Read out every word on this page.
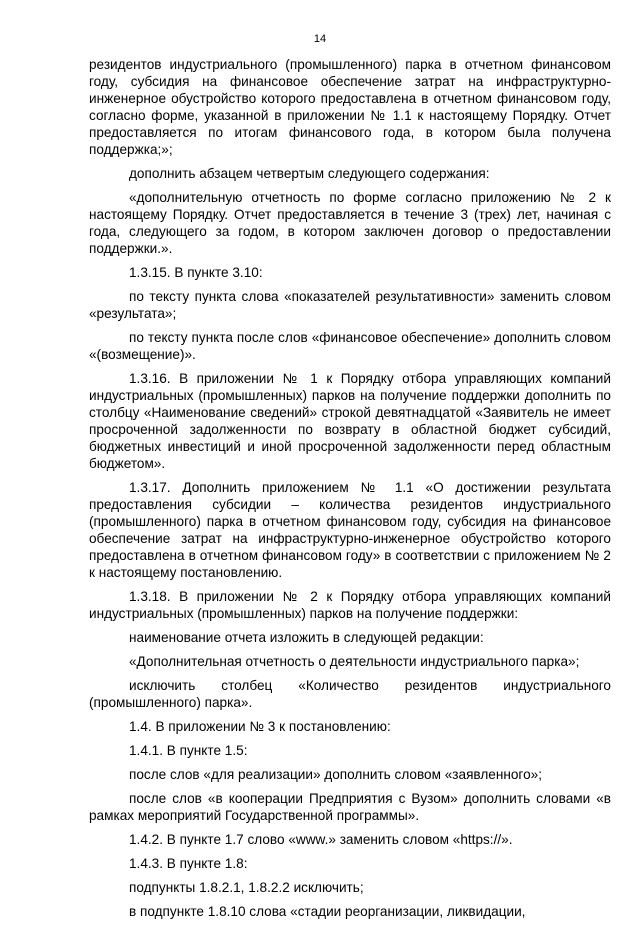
14

резидентов индустриального (промышленного) парка в отчетном финансовом году, субсидия на финансовое обеспечение затрат на инфраструктурно-инженерное обустройство которого предоставлена в отчетном финансовом году, согласно форме, указанной в приложении № 1.1 к настоящему Порядку. Отчет предоставляется по итогам финансового года, в котором была получена поддержка;»;

дополнить абзацем четвертым следующего содержания:

«дополнительную отчетность по форме согласно приложению № 2 к настоящему Порядку. Отчет предоставляется в течение 3 (трех) лет, начиная с года, следующего за годом, в котором заключен договор о предоставлении поддержки.».

1.3.15. В пункте 3.10:

по тексту пункта слова «показателей результативности» заменить словом «результата»;

по тексту пункта после слов «финансовое обеспечение» дополнить словом «(возмещение)».

1.3.16. В приложении № 1 к Порядку отбора управляющих компаний индустриальных (промышленных) парков на получение поддержки дополнить по столбцу «Наименование сведений» строкой девятнадцатой «Заявитель не имеет просроченной задолженности по возврату в областной бюджет субсидий, бюджетных инвестиций и иной просроченной задолженности перед областным бюджетом».

1.3.17. Дополнить приложением № 1.1 «О достижении результата предоставления субсидии – количества резидентов индустриального (промышленного) парка в отчетном финансовом году, субсидия на финансовое обеспечение затрат на инфраструктурно-инженерное обустройство которого предоставлена в отчетном финансовом году» в соответствии с приложением № 2 к настоящему постановлению.

1.3.18. В приложении № 2 к Порядку отбора управляющих компаний индустриальных (промышленных) парков на получение поддержки:

наименование отчета изложить в следующей редакции:

«Дополнительная отчетность о деятельности индустриального парка»;

исключить столбец «Количество резидентов индустриального (промышленного) парка».

1.4. В приложении № 3 к постановлению:

1.4.1. В пункте 1.5:

после слов «для реализации» дополнить словом «заявленного»;

после слов «в кооперации Предприятия с Вузом» дополнить словами «в рамках мероприятий Государственной программы».

1.4.2. В пункте 1.7 слово «www.» заменить словом «https://».

1.4.3. В пункте 1.8:

подпункты 1.8.2.1, 1.8.2.2 исключить;

в подпункте 1.8.10 слова «стадии реорганизации, ликвидации,
